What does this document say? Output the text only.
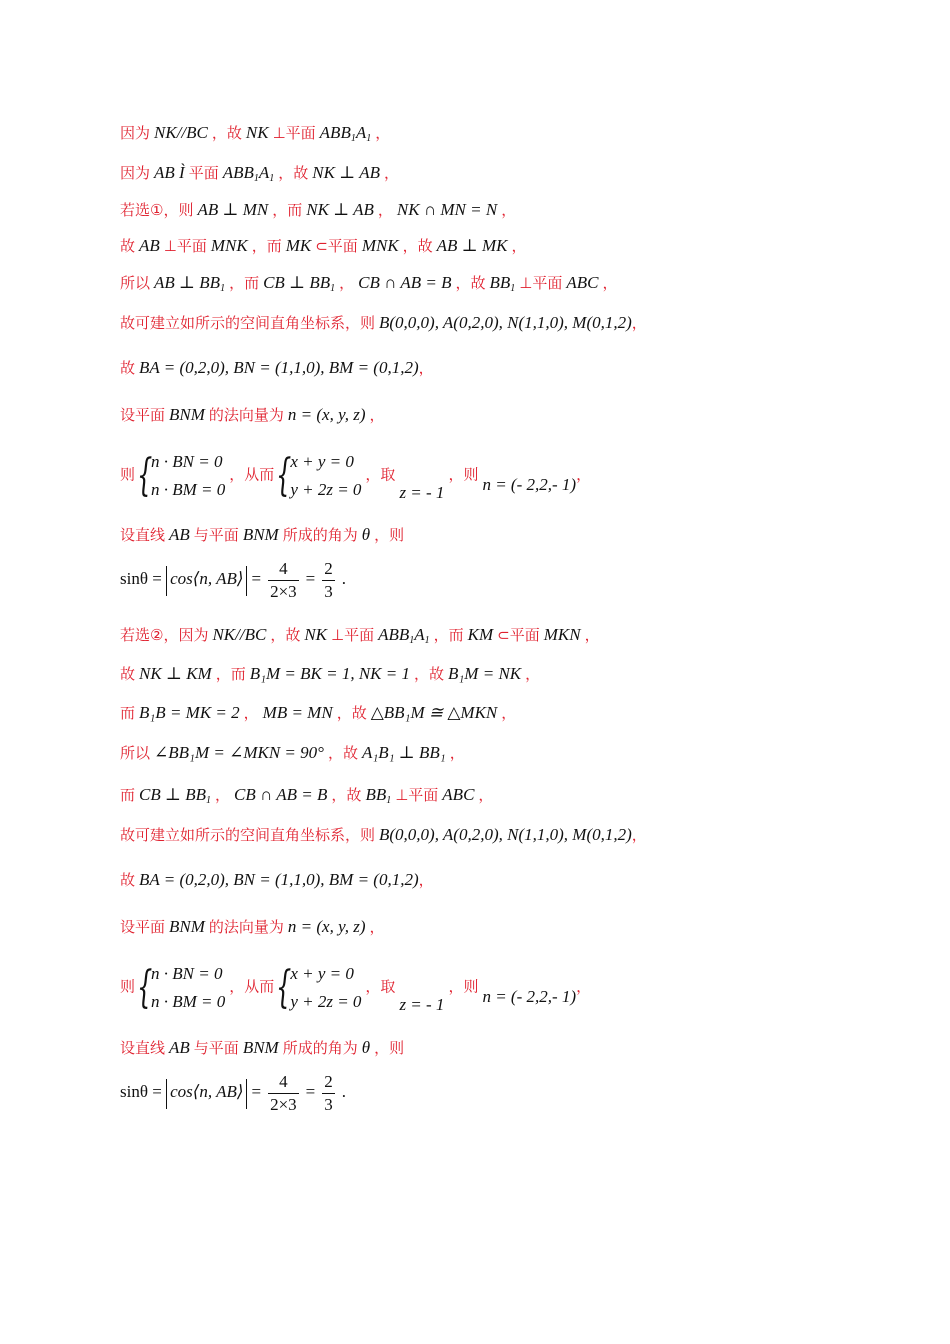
因为 NK//BC ，故 NK ⊥平面 $ABB_1A_1$ ，
因为 AB Ì 平面 $ABB_1A_1$ ，故 NK ⊥ AB ，
若选①，则 AB ⊥ MN ，而 NK ⊥ AB ， NK ∩ MN = N ，
故 AB ⊥平面 MNK ，而 MK ⊂平面 MNK ，故 AB ⊥ MK ，
所以 AB ⊥ $BB_1$ ，而 CB ⊥ $BB_1$ ， CB ∩ AB = B ，故 $BB_1$ ⊥平面 ABC ，
故可建立如所示的空间直角坐标系，则 B(0,0,0), A(0,2,0), N(1,1,0), M(0,1,2)，
故 BA = (0,2,0), BN = (1,1,0), BM = (0,1,2)，
设平面 BNM 的法向量为 n = (x, y, z) ，
则
{ n · BN = 0
n · BM = 0
，从而
{ x + y = 0
y + 2z = 0
，取 z = - 1 ，则 n = (- 2,2,- 1)，
设直线 AB 与平面 BNM 所成的角为 θ ，则
sinθ = cos⟨n, AB⟩ = $\frac{4}{2\times 3} = \frac{2}{3}$ .
若选②，因为 NK//BC ，故 NK ⊥平面 $ABB_1A_1$ ，而 KM ⊂平面 MKN ，
故 NK ⊥ KM ，而 B₁M = BK = 1, NK = 1 ，故 B₁M = NK ，
而 B₁B = MK = 2 ， MB = MN ，故 △BB₁M ≅ △MKN ，
所以 ∠BB₁M = ∠MKN = 90° ，故 A₁B₁ ⊥ BB₁ ，
而 CB ⊥ $BB_1$ ， CB ∩ AB = B ，故 $BB_1$ ⊥平面 ABC ，
故可建立如所示的空间直角坐标系，则 B(0,0,0), A(0,2,0), N(1,1,0), M(0,1,2)，
故 BA = (0,2,0), BN = (1,1,0), BM = (0,1,2)，
设平面 BNM 的法向量为 n = (x, y, z) ，
则
{ n · BN = 0
n · BM = 0
，从而
{ x + y = 0
y + 2z = 0
，取 z = - 1 ，则 n = (- 2,2,- 1)，
设直线 AB 与平面 BNM 所成的角为 θ ，则
sinθ = cos⟨n, AB⟩ = $\frac{4}{2\times 3} = \frac{2}{3}$ .
